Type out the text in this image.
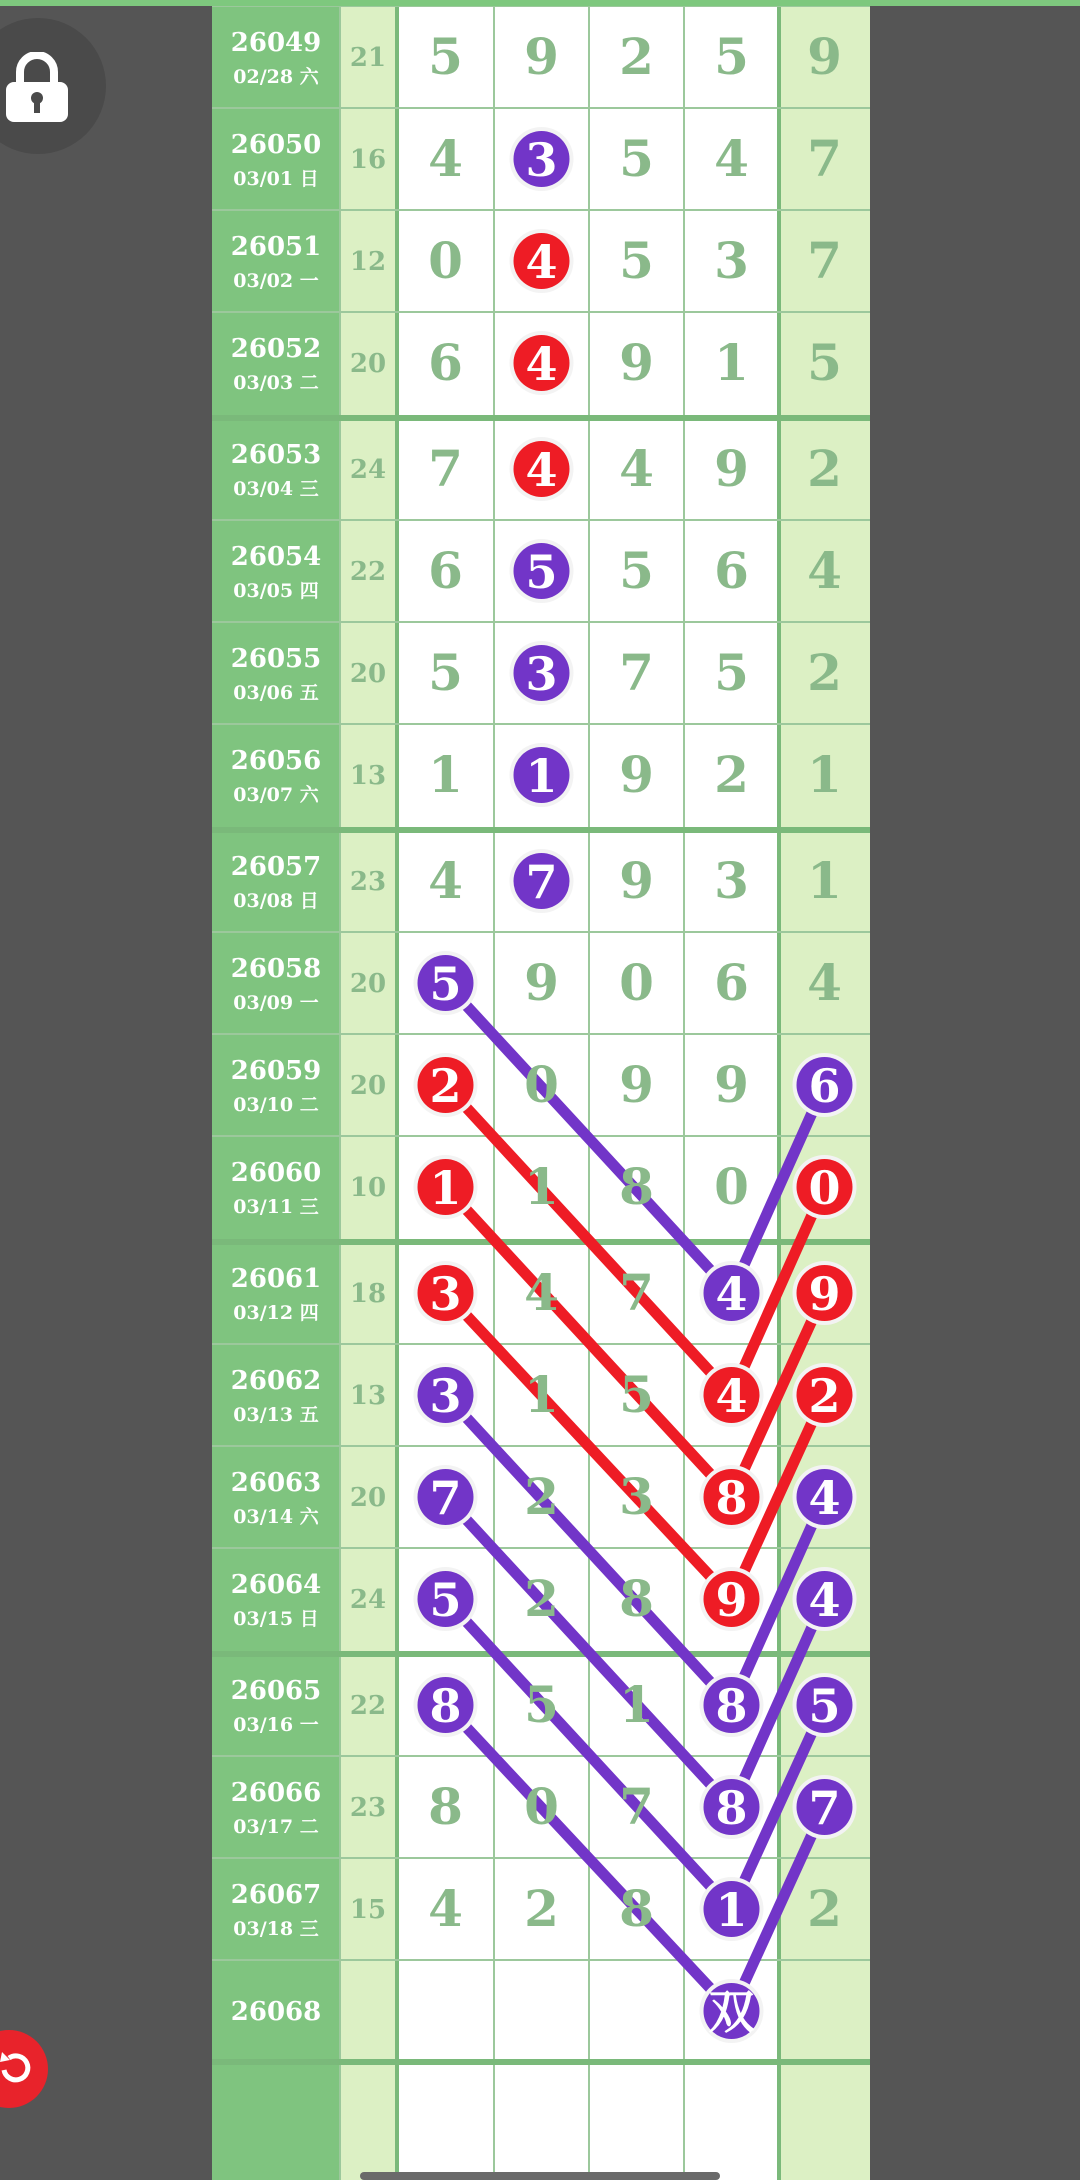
26049
02/28 六
21 5 9 2 5 9
26050
03/01 日
16 4 3 5 4 7
26051
03/02 一
12 0 4 5 3 7
26052
03/03 二
20 6 4 9 1 5
26053
03/04 三
24 7 4 4 9 2
26054
03/05 四
22 6 5 5 6 4
26055
03/06 五
20 5 3 7 5 2
26056
03/07 六
13 1 1 9 2 1
26057
03/08 日
23 4 7 9 3 1
26058
03/09 一
20 5 9 0 6 4
26059
03/10 二
20 2 0 9 9 6
26060
03/11 三
10 1 1 8 0 0
26061
03/12 四
18 3 4 7 4 9
26062
03/13 五
13 3 1 5 4 2
26063
03/14 六
20 7 2 3 8 4
26064
03/15 日
24 5 2 8 9 4
26065
03/16 一
22 8 5 1 8 5
26066
03/17 二
23 8 0 7 8 7
26067
03/18 三
15 4 2 8 1 2
26068	双
